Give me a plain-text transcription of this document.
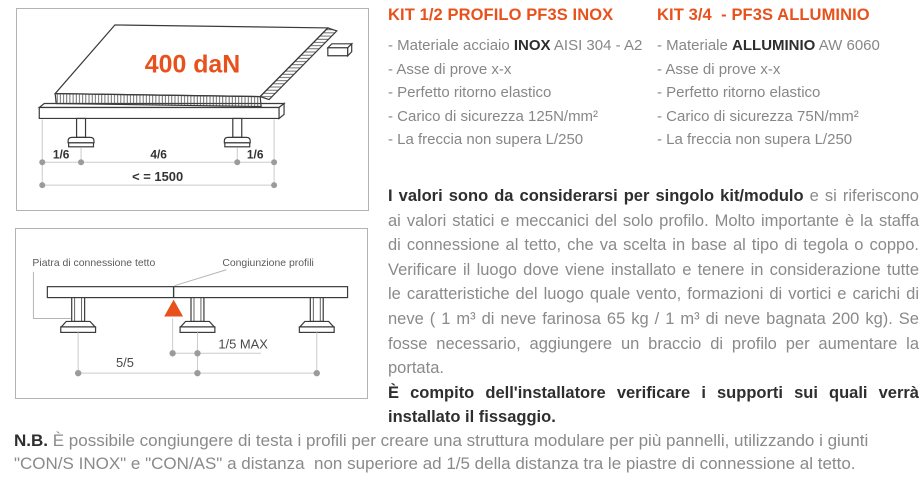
1/6	4/6	1/6
< = 1500
400 daN
Piatra di connessione tetto	Congiunzione profili
1/5 MAX
5/5
KIT 1/2 PROFILO PF3S INOX
- Materiale acciaio INOX AISI 304 - A2
- Asse di prove x-x
- Perfetto ritorno elastico
- Carico di sicurezza 125N/mm²
- La freccia non supera L/250
KIT 3/4  - PF3S ALLUMINIO
- Materiale ALLUMINIO AW 6060
- Asse di prove x-x
- Perfetto ritorno elastico
- Carico di sicurezza 75N/mm²
- La freccia non supera L/250

I valori sono da considerarsi per singolo kit/modulo e si riferiscono ai valori statici e meccanici del solo profilo. Molto importante è la staffa di connessione al tetto, che va scelta in base al tipo di tegola o coppo. Verificare il luogo dove viene installato e tenere in considerazione tutte le caratteristiche del luogo quale vento, formazioni di vortici e carichi di neve ( 1 m³ di neve farinosa 65 kg / 1 m³ di neve bagnata 200 kg). Se fosse necessario, aggiungere un braccio di profilo per aumentare la portata.

È compito dell'installatore verificare i supporti sui quali verrà installato il fissaggio.

N.B. È possibile congiungere di testa i profili per creare una struttura modulare per più pannelli, utilizzando i giunti "CON/S INOX" e "CON/AS" a distanza  non superiore ad 1/5 della distanza tra le piastre di connessione al tetto.
